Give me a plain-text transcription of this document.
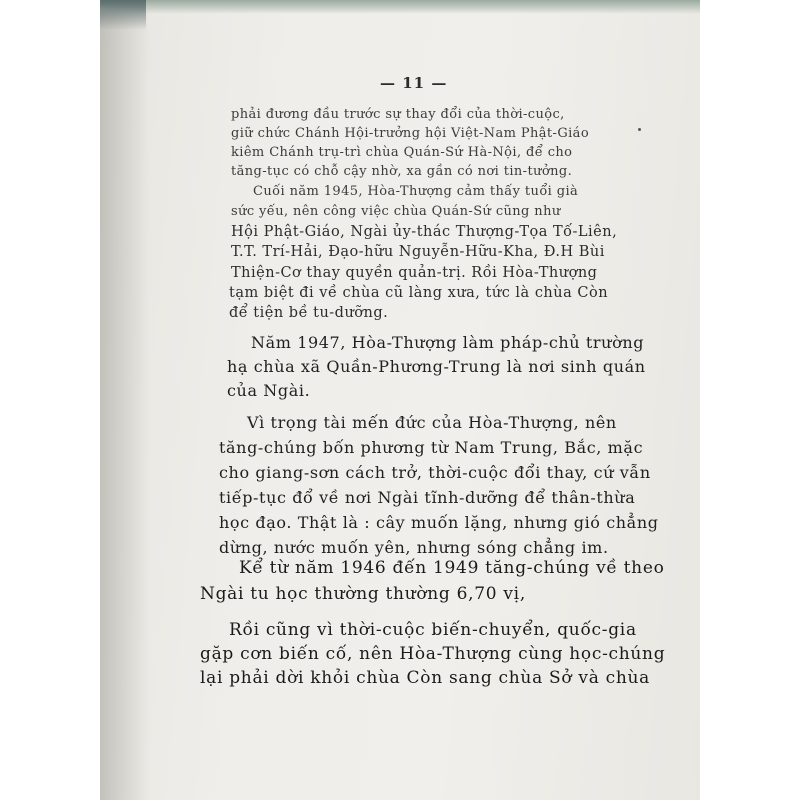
— 11 —
phải đương đầu trước sự thay đổi của thời-cuộc,
giữ chức Chánh Hội-trưởng hội Việt-Nam Phật-Giáo
kiêm Chánh trụ-trì chùa Quán-Sứ Hà-Nội, để cho
tăng-tục có chỗ cậy nhờ, xa gần có nơi tin-tưởng.
Cuối năm 1945, Hòa-Thượng cảm thấy tuổi già
sức yếu, nên công việc chùa Quán-Sứ cũng như
Hội Phật-Giáo, Ngài ủy-thác Thượng-Tọa Tố-Liên,
T.T. Trí-Hải, Đạo-hữu Nguyễn-Hữu-Kha, Đ.H Bùi
Thiện-Cơ thay quyền quản-trị. Rồi Hòa-Thượng
tạm biệt đi về chùa cũ làng xưa, tức là chùa Còn
để tiện bề tu-dưỡng.
Năm 1947, Hòa-Thượng làm pháp-chủ trường
hạ chùa xã Quần-Phương-Trung là nơi sinh quán
của Ngài.
Vì trọng tài mến đức của Hòa-Thượng, nên
tăng-chúng bốn phương từ Nam Trung, Bắc, mặc
cho giang-sơn cách trở, thời-cuộc đổi thay, cứ vẫn
tiếp-tục đổ về nơi Ngài tĩnh-dưỡng để thân-thừa
học đạo. Thật là : cây muốn lặng, nhưng gió chẳng
dừng, nước muốn yên, nhưng sóng chẳng im.
Kể từ năm 1946 đến 1949 tăng-chúng về theo
Ngài tu học thường thường 6,70 vị,
Rồi cũng vì thời-cuộc biến-chuyển, quốc-gia
gặp cơn biến cố, nên Hòa-Thượng cùng học-chúng
lại phải dời khỏi chùa Còn sang chùa Sở và chùa
